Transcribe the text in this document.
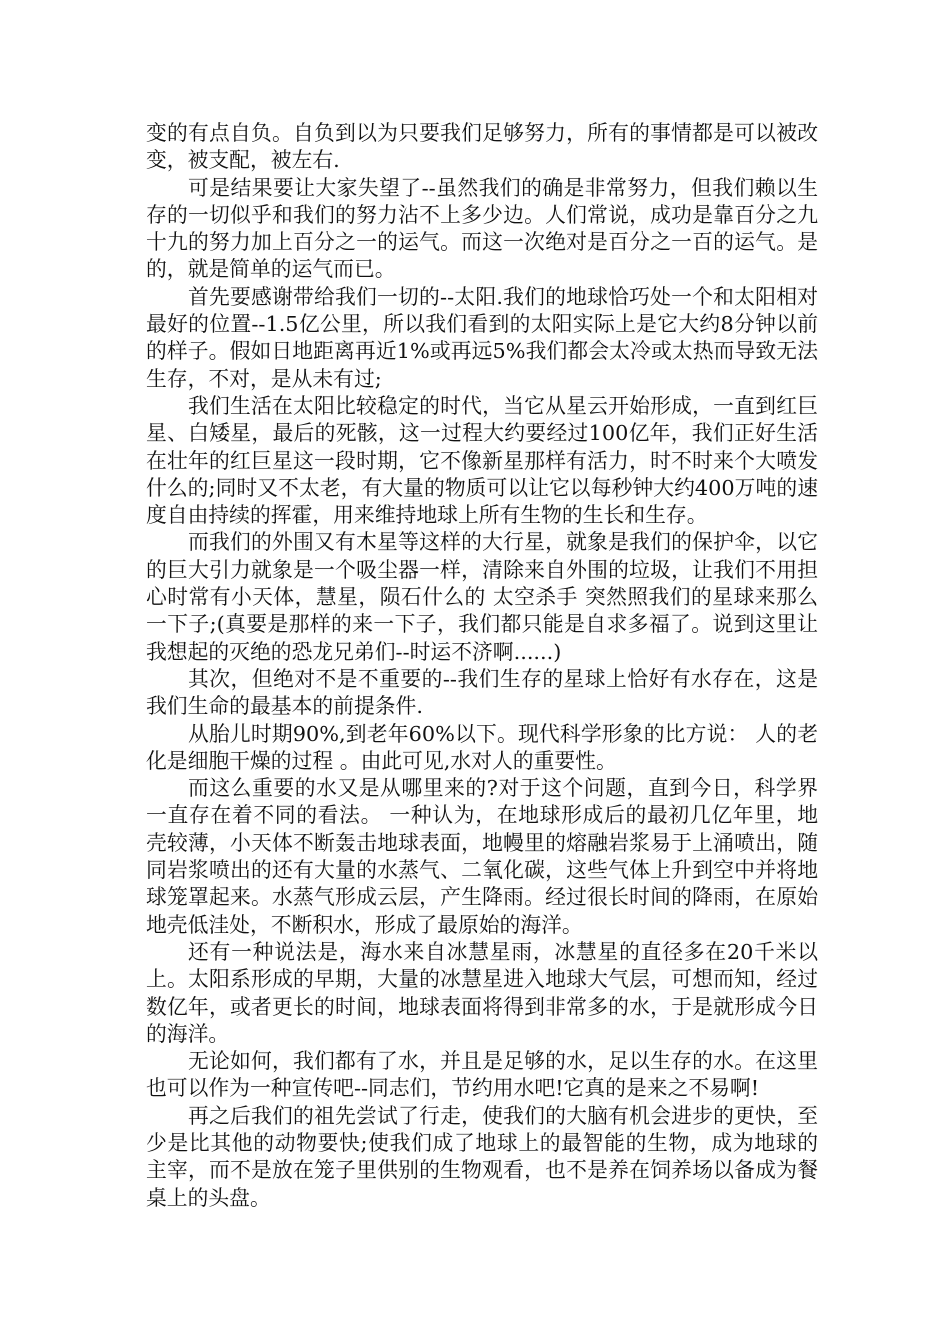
变的有点自负。自负到以为只要我们足够努力，所有的事情都是可以被改变，被支配，被左右.

可是结果要让大家失望了--虽然我们的确是非常努力，但我们赖以生存的一切似乎和我们的努力沾不上多少边。人们常说，成功是靠百分之九十九的努力加上百分之一的运气。而这一次绝对是百分之一百的运气。是的，就是简单的运气而已。

首先要感谢带给我们一切的--太阳.我们的地球恰巧处一个和太阳相对最好的位置--1.5亿公里，所以我们看到的太阳实际上是它大约8分钟以前的样子。假如日地距离再近1%或再远5%我们都会太冷或太热而导致无法生存，不对，是从未有过;

我们生活在太阳比较稳定的时代，当它从星云开始形成，一直到红巨星、白矮星，最后的死骸，这一过程大约要经过100亿年，我们正好生活在壮年的红巨星这一段时期，它不像新星那样有活力，时不时来个大喷发什么的;同时又不太老，有大量的物质可以让它以每秒钟大约400万吨的速度自由持续的挥霍，用来维持地球上所有生物的生长和生存。

而我们的外围又有木星等这样的大行星，就象是我们的保护伞，以它的巨大引力就象是一个吸尘器一样，清除来自外围的垃圾，让我们不用担心时常有小天体，慧星，陨石什么的 太空杀手 突然照我们的星球来那么一下子;(真要是那样的来一下子，我们都只能是自求多福了。说到这里让我想起的灭绝的恐龙兄弟们--时运不济啊......)

其次，但绝对不是不重要的--我们生存的星球上恰好有水存在，这是我们生命的最基本的前提条件.

从胎儿时期90%,到老年60%以下。现代科学形象的比方说： 人的老化是细胞干燥的过程 。由此可见,水对人的重要性。

而这么重要的水又是从哪里来的?对于这个问题，直到今日，科学界一直存在着不同的看法。 一种认为，在地球形成后的最初几亿年里，地壳较薄，小天体不断轰击地球表面，地幔里的熔融岩浆易于上涌喷出，随同岩浆喷出的还有大量的水蒸气、二氧化碳，这些气体上升到空中并将地球笼罩起来。水蒸气形成云层，产生降雨。经过很长时间的降雨，在原始地壳低洼处，不断积水，形成了最原始的海洋。

还有一种说法是，海水来自冰慧星雨，冰慧星的直径多在20千米以上。太阳系形成的早期，大量的冰慧星进入地球大气层，可想而知，经过数亿年，或者更长的时间，地球表面将得到非常多的水，于是就形成今日的海洋。

无论如何，我们都有了水，并且是足够的水，足以生存的水。在这里也可以作为一种宣传吧--同志们，节约用水吧!它真的是来之不易啊!

再之后我们的祖先尝试了行走，使我们的大脑有机会进步的更快，至少是比其他的动物要快;使我们成了地球上的最智能的生物，成为地球的主宰，而不是放在笼子里供别的生物观看，也不是养在饲养场以备成为餐桌上的头盘。
